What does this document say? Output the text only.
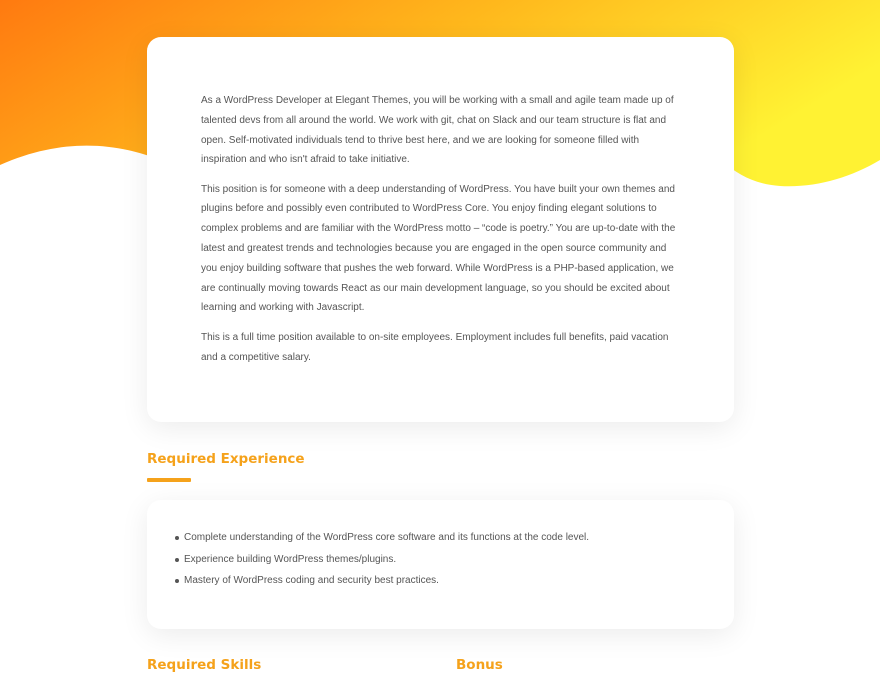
As a WordPress Developer at Elegant Themes, you will be working with a small and agile team made up of talented devs from all around the world. We work with git, chat on Slack and our team structure is flat and open. Self-motivated individuals tend to thrive best here, and we are looking for someone filled with inspiration and who isn't afraid to take initiative.

This position is for someone with a deep understanding of WordPress. You have built your own themes and plugins before and possibly even contributed to WordPress Core. You enjoy finding elegant solutions to complex problems and are familiar with the WordPress motto – “code is poetry.” You are up-to-date with the latest and greatest trends and technologies because you are engaged in the open source community and you enjoy building software that pushes the web forward. While WordPress is a PHP-based application, we are continually moving towards React as our main development language, so you should be excited about learning and working with Javascript.

This is a full time position available to on-site employees. Employment includes full benefits, paid vacation and a competitive salary.

Required Experience
Complete understanding of the WordPress core software and its functions at the code level.
Experience building WordPress themes/plugins.
Mastery of WordPress coding and security best practices.
Required Skills	Bonus
